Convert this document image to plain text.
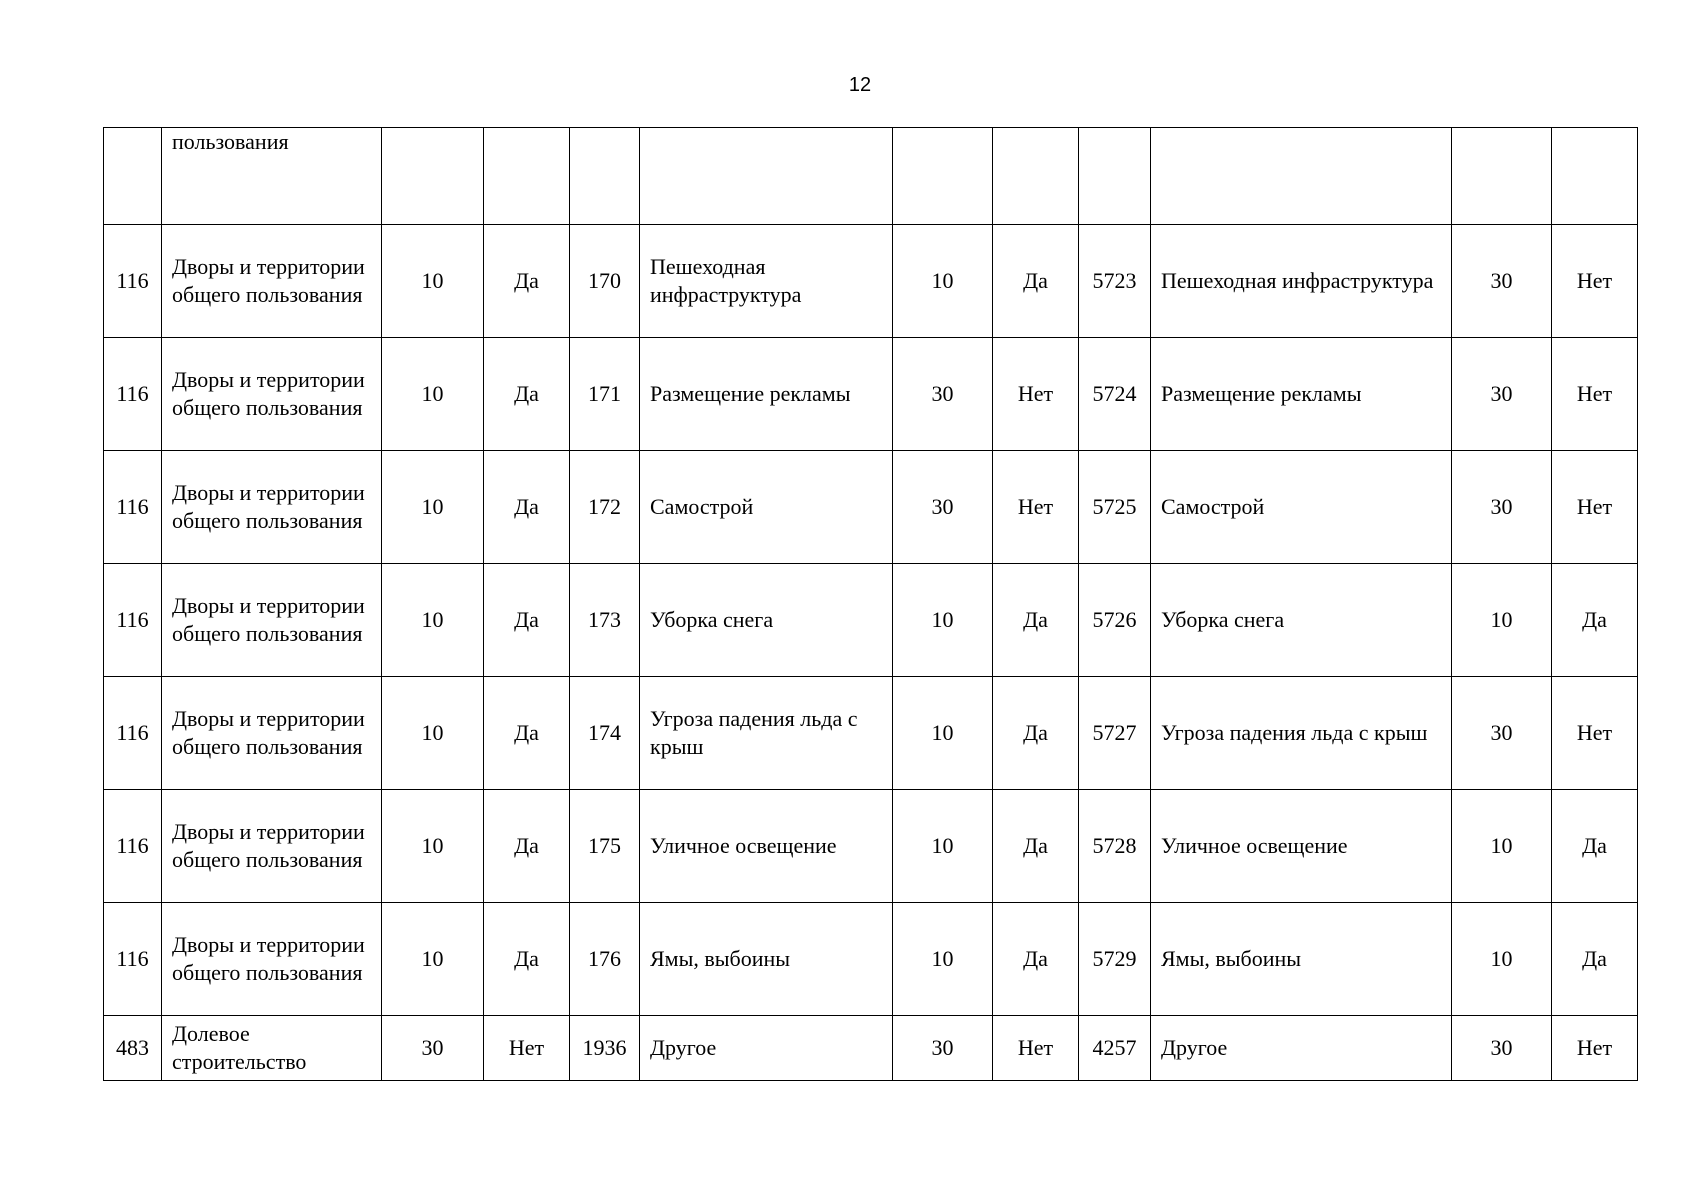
12
	пользования										
116	Дворы и территории общего пользования	10	Да	170	Пешеходная инфраструктура	10	Да	5723	Пешеходная инфраструктура	30	Нет
116	Дворы и территории общего пользования	10	Да	171	Размещение рекламы	30	Нет	5724	Размещение рекламы	30	Нет
116	Дворы и территории общего пользования	10	Да	172	Самострой	30	Нет	5725	Самострой	30	Нет
116	Дворы и территории общего пользования	10	Да	173	Уборка снега	10	Да	5726	Уборка снега	10	Да
116	Дворы и территории общего пользования	10	Да	174	Угроза падения льда с крыш	10	Да	5727	Угроза падения льда с крыш	30	Нет
116	Дворы и территории общего пользования	10	Да	175	Уличное освещение	10	Да	5728	Уличное освещение	10	Да
116	Дворы и территории общего пользования	10	Да	176	Ямы, выбоины	10	Да	5729	Ямы, выбоины	10	Да
483	Долевое строительство	30	Нет	1936	Другое	30	Нет	4257	Другое	30	Нет
